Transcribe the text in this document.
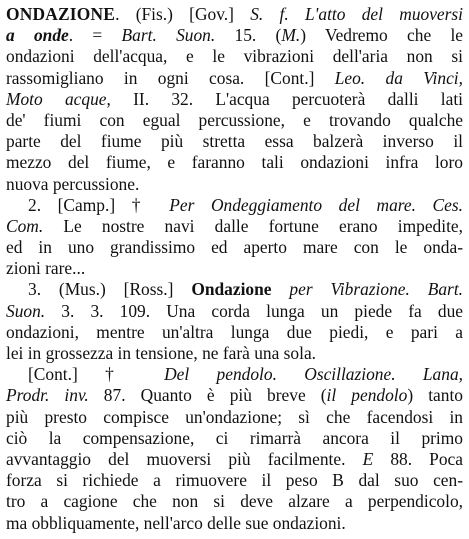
ONDAZIONE. (Fis.) [Gov.] S. f. L'atto del muoversi
a onde. = Bart. Suon. 15. (M.) Vedremo che le
ondazioni dell'acqua, e le vibrazioni dell'aria non si
rassomigliano in ogni cosa. [Cont.] Leo. da Vinci,
Moto acque, II. 32. L'acqua percuoterà dalli lati
de' fiumi con egual percussione, e trovando qualche
parte del fiume più stretta essa balzerà inverso il
mezzo del fiume, e faranno tali ondazioni infra loro
nuova percussione.
2. [Camp.] † Per Ondeggiamento del mare. Ces.
Com. Le nostre navi dalle fortune erano impedite,
ed in uno grandissimo ed aperto mare con le onda-
zioni rare...
3. (Mus.) [Ross.] Ondazione per Vibrazione. Bart.
Suon. 3. 3. 109. Una corda lunga un piede fa due
ondazioni, mentre un'altra lunga due piedi, e pari a
lei in grossezza in tensione, ne farà una sola.
[Cont.] † Del pendolo. Oscillazione. Lana,
Prodr. inv. 87. Quanto è più breve (il pendolo) tanto
più presto compisce un'ondazione; sì che facendosi in
ciò la compensazione, ci rimarrà ancora il primo
avvantaggio del muoversi più facilmente. E 88. Poca
forza si richiede a rimuovere il peso B dal suo cen-
tro a cagione che non si deve alzare a perpendicolo,
ma obbliquamente, nell'arco delle sue ondazioni.
